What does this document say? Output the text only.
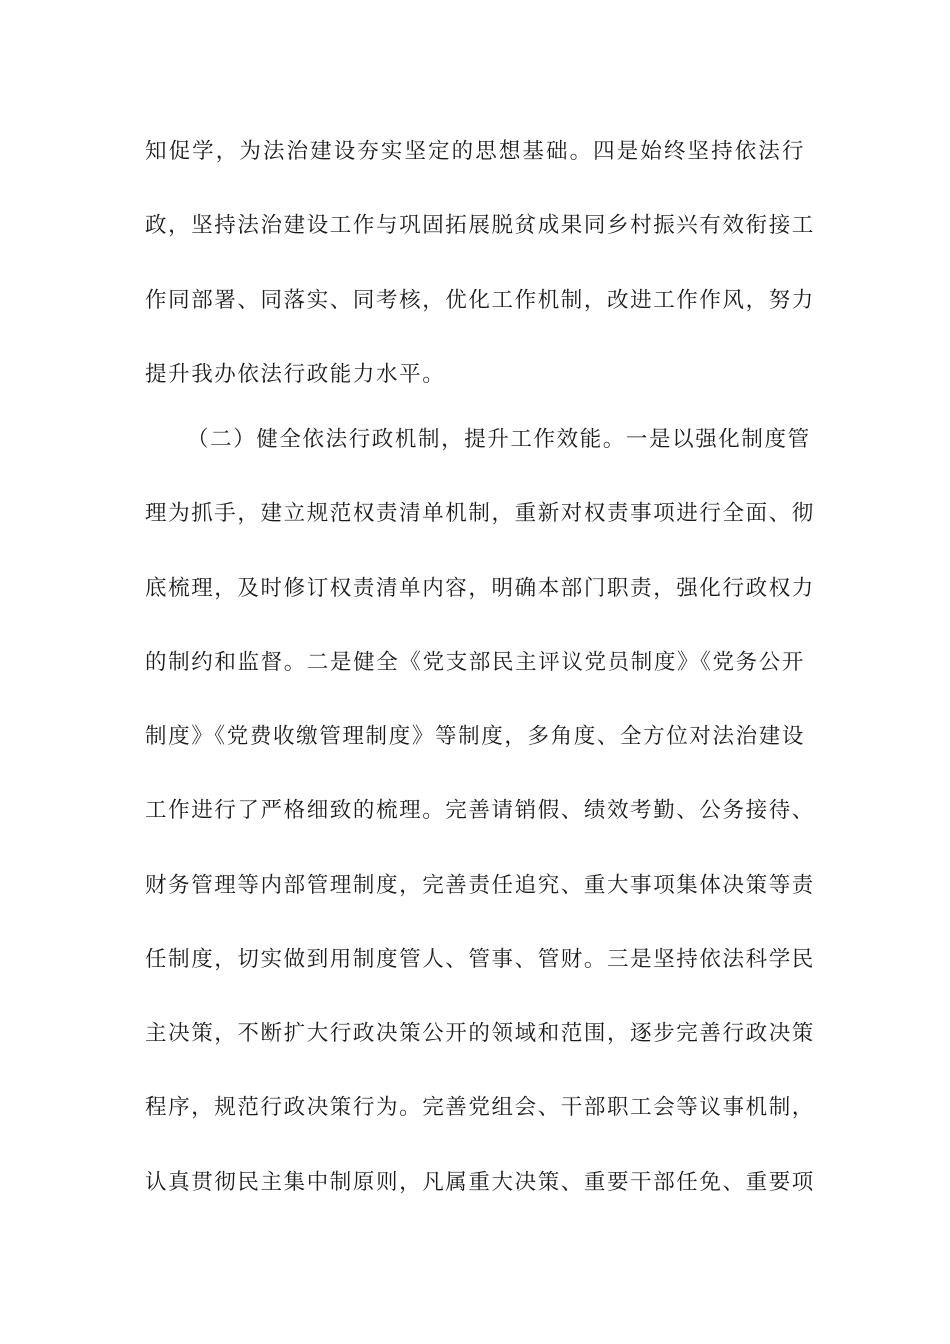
知促学，为法治建设夯实坚定的思想基础。四是始终坚持依法行
政，坚持法治建设工作与巩固拓展脱贫成果同乡村振兴有效衔接工
作同部署、同落实、同考核，优化工作机制，改进工作作风，努力
提升我办依法行政能力水平。
（二）健全依法行政机制，提升工作效能。一是以强化制度管
理为抓手，建立规范权责清单机制，重新对权责事项进行全面、彻
底梳理，及时修订权责清单内容，明确本部门职责，强化行政权力
的制约和监督。二是健全《党支部民主评议党员制度》《党务公开
制度》《党费收缴管理制度》等制度，多角度、全方位对法治建设
工作进行了严格细致的梳理。完善请销假、绩效考勤、公务接待、
财务管理等内部管理制度，完善责任追究、重大事项集体决策等责
任制度，切实做到用制度管人、管事、管财。三是坚持依法科学民
主决策，不断扩大行政决策公开的领域和范围，逐步完善行政决策
程序，规范行政决策行为。完善党组会、干部职工会等议事机制，
认真贯彻民主集中制原则，凡属重大决策、重要干部任免、重要项
